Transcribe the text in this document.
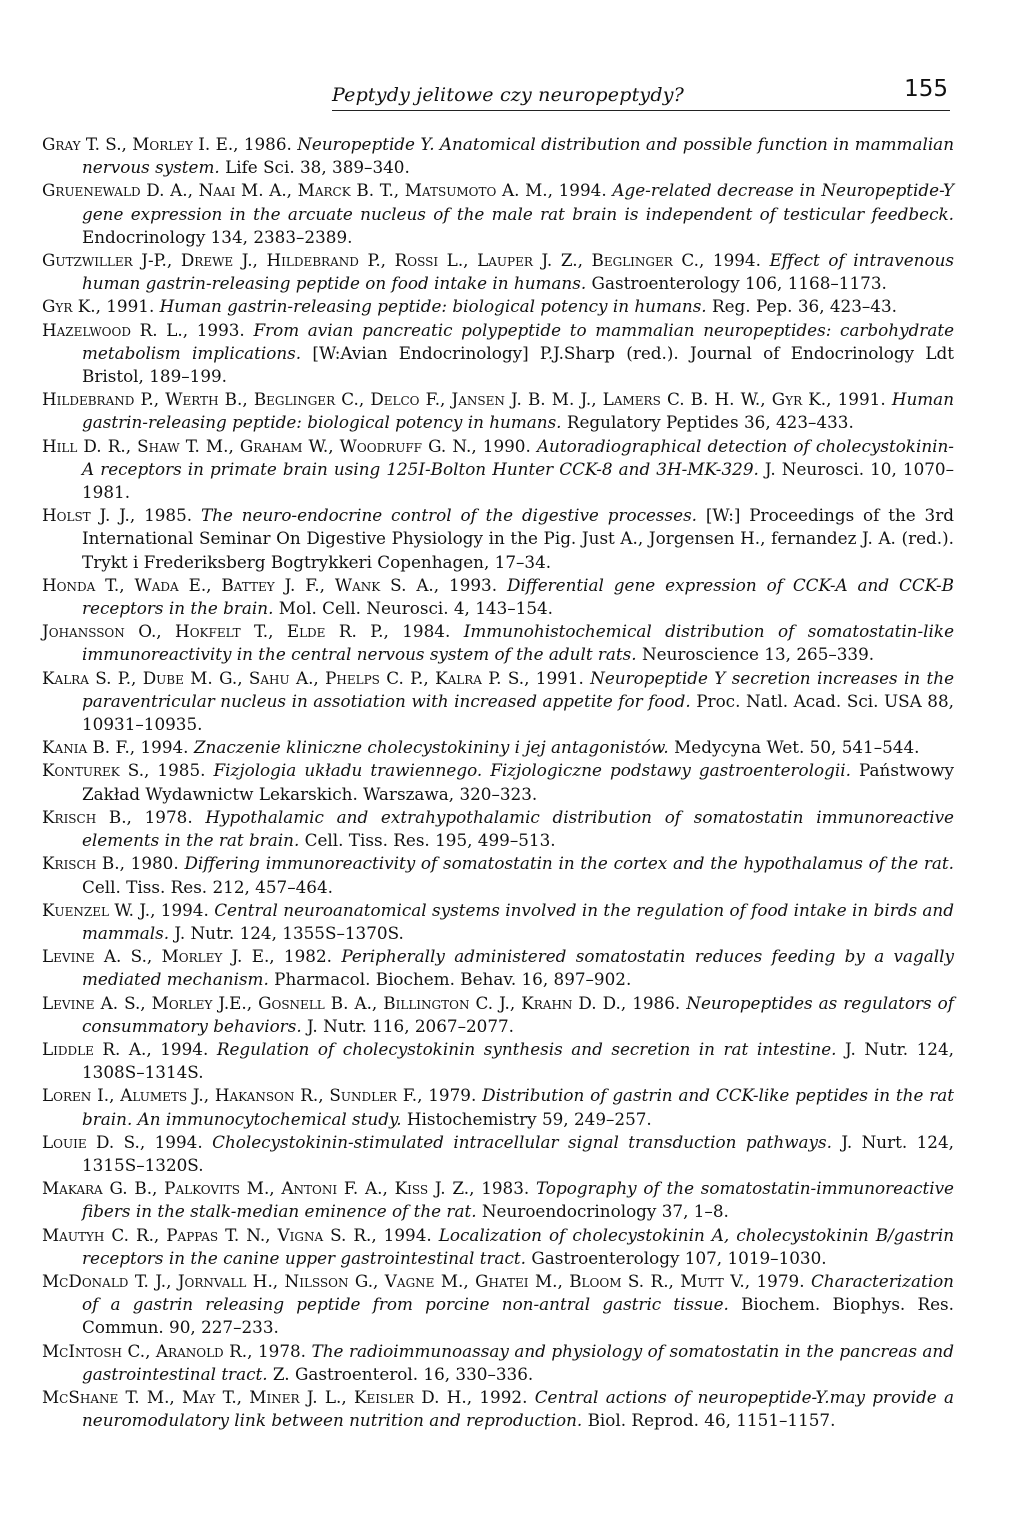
Peptydy jelitowe czy neuropeptydy?	155

Gray T. S., Morley I. E., 1986. Neuropeptide Y. Anatomical distribution and possible function in mammalian nervous system. Life Sci. 38, 389–340.

Gruenewald D. A., Naai M. A., Marck B. T., Matsumoto A. M., 1994. Age-related decrease in Neuropeptide-Y gene expression in the arcuate nucleus of the male rat brain is independent of testicular feedbeck. Endocrinology 134, 2383–2389.

Gutzwiller J-P., Drewe J., Hildebrand P., Rossi L., Lauper J. Z., Beglinger C., 1994. Effect of intravenous human gastrin-releasing peptide on food intake in humans. Gastroenterology 106, 1168–1173.

Gyr K., 1991. Human gastrin-releasing peptide: biological potency in humans. Reg. Pep. 36, 423–43.

Hazelwood R. L., 1993. From avian pancreatic polypeptide to mammalian neuropeptides: carbohydrate metabolism implications. [W:Avian Endocrinology] P.J.Sharp (red.). Journal of Endocrinology Ldt Bristol, 189–199.

Hildebrand P., Werth B., Beglinger C., Delco F., Jansen J. B. M. J., Lamers C. B. H. W., Gyr K., 1991. Human gastrin-releasing peptide: biological potency in humans. Regulatory Peptides 36, 423–433.

Hill D. R., Shaw T. M., Graham W., Woodruff G. N., 1990. Autoradiographical detection of cholecystokinin-A receptors in primate brain using 125I-Bolton Hunter CCK-8 and 3H-MK-329. J. Neurosci. 10, 1070–1981.

Holst J. J., 1985. The neuro-endocrine control of the digestive processes. [W:] Proceedings of the 3rd International Seminar On Digestive Physiology in the Pig. Just A., Jorgensen H., fernandez J. A. (red.). Trykt i Frederiksberg Bogtrykkeri Copenhagen, 17–34.

Honda T., Wada E., Battey J. F., Wank S. A., 1993. Differential gene expression of CCK-A and CCK-B receptors in the brain. Mol. Cell. Neurosci. 4, 143–154.

Johansson O., Hokfelt T., Elde R. P., 1984. Immunohistochemical distribution of somatostatin-like immunoreactivity in the central nervous system of the adult rats. Neuroscience 13, 265–339.

Kalra S. P., Dube M. G., Sahu A., Phelps C. P., Kalra P. S., 1991. Neuropeptide Y secretion increases in the paraventricular nucleus in assotiation with increased appetite for food. Proc. Natl. Acad. Sci. USA 88, 10931–10935.

Kania B. F., 1994. Znaczenie kliniczne cholecystokininy i jej antagonistów. Medycyna Wet. 50, 541–544.

Konturek S., 1985. Fizjologia układu trawiennego. Fizjologiczne podstawy gastroenterologii. Państwowy Zakład Wydawnictw Lekarskich. Warszawa, 320–323.

Krisch B., 1978. Hypothalamic and extrahypothalamic distribution of somatostatin immunoreactive elements in the rat brain. Cell. Tiss. Res. 195, 499–513.

Krisch B., 1980. Differing immunoreactivity of somatostatin in the cortex and the hypothalamus of the rat. Cell. Tiss. Res. 212, 457–464.

Kuenzel W. J., 1994. Central neuroanatomical systems involved in the regulation of food intake in birds and mammals. J. Nutr. 124, 1355S–1370S.

Levine A. S., Morley J. E., 1982. Peripherally administered somatostatin reduces feeding by a vagally mediated mechanism. Pharmacol. Biochem. Behav. 16, 897–902.

Levine A. S., Morley J.E., Gosnell B. A., Billington C. J., Krahn D. D., 1986. Neuropeptides as regulators of consummatory behaviors. J. Nutr. 116, 2067–2077.

Liddle R. A., 1994. Regulation of cholecystokinin synthesis and secretion in rat intestine. J. Nutr. 124, 1308S–1314S.

Loren I., Alumets J., Hakanson R., Sundler F., 1979. Distribution of gastrin and CCK-like peptides in the rat brain. An immunocytochemical study. Histochemistry 59, 249–257.

Louie D. S., 1994. Cholecystokinin-stimulated intracellular signal transduction pathways. J. Nurt. 124, 1315S–1320S.

Makara G. B., Palkovits M., Antoni F. A., Kiss J. Z., 1983. Topography of the somatostatin-immunoreactive fibers in the stalk-median eminence of the rat. Neuroendocrinology 37, 1–8.

Mautyh C. R., Pappas T. N., Vigna S. R., 1994. Localization of cholecystokinin A, cholecystokinin B/gastrin receptors in the canine upper gastrointestinal tract. Gastroenterology 107, 1019–1030.

McDonald T. J., Jornvall H., Nilsson G., Vagne M., Ghatei M., Bloom S. R., Mutt V., 1979. Characterization of a gastrin releasing peptide from porcine non-antral gastric tissue. Biochem. Biophys. Res. Commun. 90, 227–233.

McIntosh C., Aranold R., 1978. The radioimmunoassay and physiology of somatostatin in the pancreas and gastrointestinal tract. Z. Gastroenterol. 16, 330–336.

McShane T. M., May T., Miner J. L., Keisler D. H., 1992. Central actions of neuropeptide-Y.may provide a neuromodulatory link between nutrition and reproduction. Biol. Reprod. 46, 1151–1157.
